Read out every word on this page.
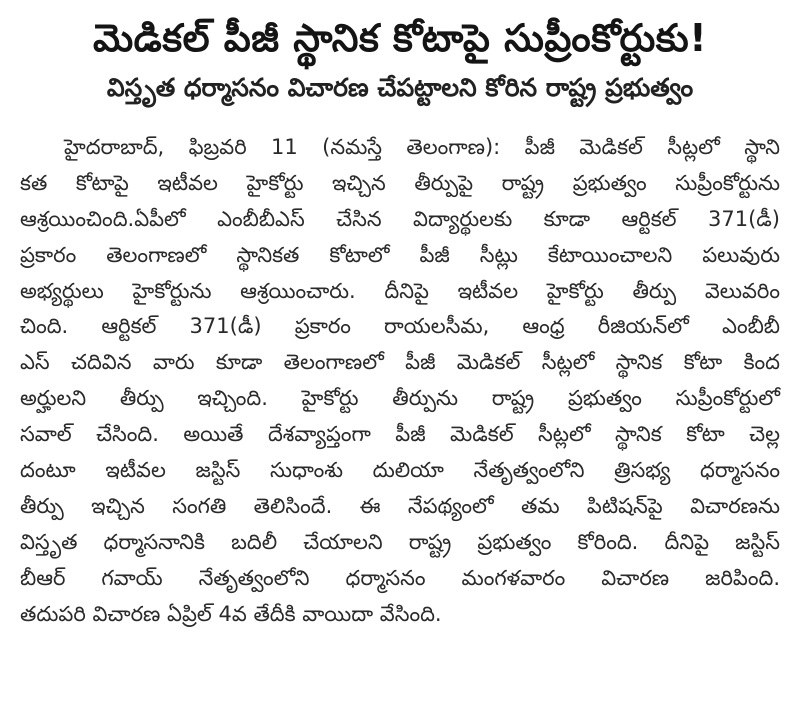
మెడికల్ పీజీ స్థానిక కోటాపై సుప్రీంకోర్టుకు!
విస్తృత ధర్మాసనం విచారణ చేపట్టాలని కోరిన రాష్ట్ర ప్రభుత్వం
హైదరాబాద్, ఫిబ్రవరి 11 (నమస్తే తెలంగాణ): పీజీ మెడికల్ సీట్లలో స్థాని
కత కోటాపై ఇటీవల హైకోర్టు ఇచ్చిన తీర్పుపై రాష్ట్ర ప్రభుత్వం సుప్రీంకోర్టును
ఆశ్రయించింది.ఏపీలో ఎంబీబీఎస్ చేసిన విద్యార్థులకు కూడా ఆర్టికల్ 371(డీ)
ప్రకారం తెలంగాణలో స్థానికత కోటాలో పీజీ సీట్లు కేటాయించాలని పలువురు
అభ్యర్థులు హైకోర్టును ఆశ్రయించారు. దీనిపై ఇటీవల హైకోర్టు తీర్పు వెలువరిం
చింది. ఆర్టికల్ 371(డీ) ప్రకారం రాయలసీమ, ఆంధ్ర రీజియన్‌లో ఎంబీబీ
ఎస్ చదివిన వారు కూడా తెలంగాణలో పీజీ మెడికల్ సీట్లలో స్థానిక కోటా కింద
అర్హులని తీర్పు ఇచ్చింది. హైకోర్టు తీర్పును రాష్ట్ర ప్రభుత్వం సుప్రీంకోర్టులో
సవాల్ చేసింది. అయితే దేశవ్యాప్తంగా పీజీ మెడికల్ సీట్లలో స్థానిక కోటా చెల్ల
దంటూ ఇటీవల జస్టిస్ సుధాంశు దులియా నేతృత్వంలోని త్రిసభ్య ధర్మాసనం
తీర్పు ఇచ్చిన సంగతి తెలిసిందే. ఈ నేపథ్యంలో తమ పిటిషన్‌పై విచారణను
విస్తృత ధర్మాసనానికి బదిలీ చేయాలని రాష్ట్ర ప్రభుత్వం కోరింది. దీనిపై జస్టిస్
బీఆర్ గవాయ్ నేతృత్వంలోని ధర్మాసనం మంగళవారం విచారణ జరిపింది.
తదుపరి విచారణ ఏప్రిల్ 4వ తేదీకి వాయిదా వేసింది.
